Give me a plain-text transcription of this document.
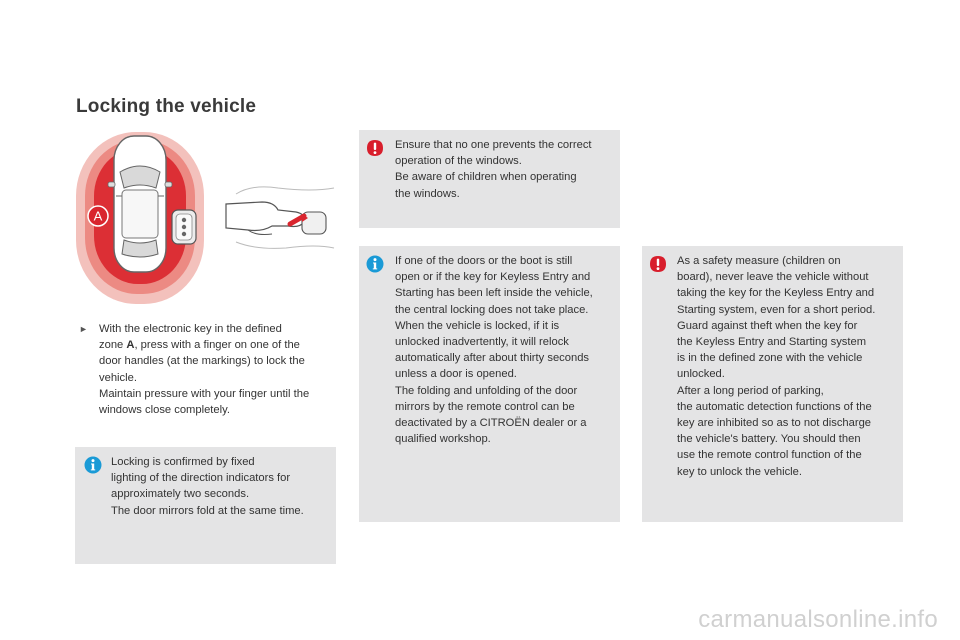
Locking the vehicle
A
► With the electronic key in the defined
zone A, press with a finger on one of the
door handles (at the markings) to lock the
vehicle.
Maintain pressure with your finger until the
windows close completely.
Locking is confirmed by fixed
lighting of the direction indicators for
approximately two seconds.
The door mirrors fold at the same time.
Ensure that no one prevents the correct
operation of the windows.
Be aware of children when operating
the windows.
If one of the doors or the boot is still
open or if the key for Keyless Entry and
Starting has been left inside the vehicle,
the central locking does not take place.
When the vehicle is locked, if it is
unlocked inadvertently, it will relock
automatically after about thirty seconds
unless a door is opened.
The folding and unfolding of the door
mirrors by the remote control can be
deactivated by a CITROËN dealer or a
qualified workshop.
As a safety measure (children on
board), never leave the vehicle without
taking the key for the Keyless Entry and
Starting system, even for a short period.
Guard against theft when the key for
the Keyless Entry and Starting system
is in the defined zone with the vehicle
unlocked.
After a long period of parking,
the automatic detection functions of the
key are inhibited so as to not discharge
the vehicle's battery. You should then
use the remote control function of the
key to unlock the vehicle.
carmanualsonline.info
